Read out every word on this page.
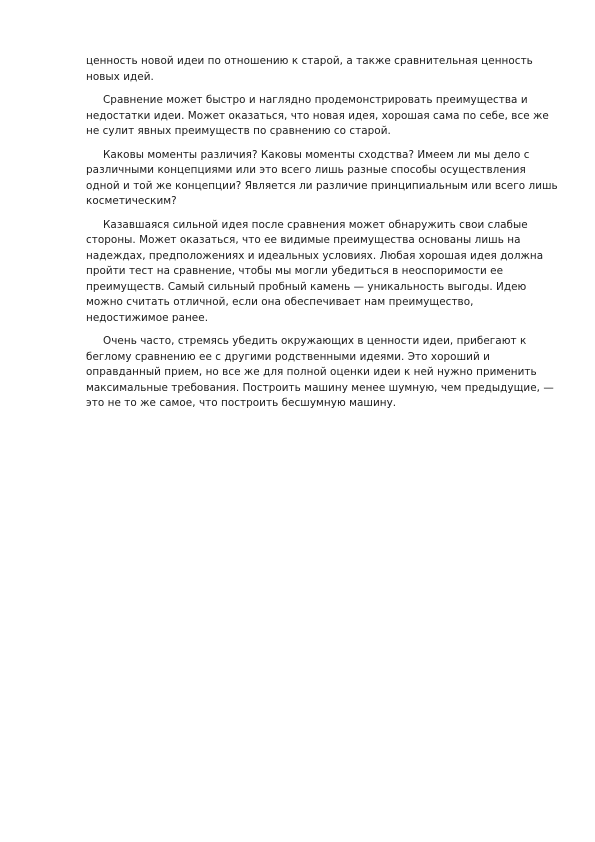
ценность новой идеи по отношению к старой, а также сравнительная ценность новых идей.

Сравнение может быстро и наглядно продемонстрировать преимущества и недостатки идеи. Может оказаться, что новая идея, хорошая сама по себе, все же не сулит явных преимуществ по сравнению со старой.

Каковы моменты различия? Каковы моменты сходства? Имеем ли мы дело с различными концепциями или это всего лишь разные способы осуществления одной и той же концепции? Является ли различие принципиальным или всего лишь косметическим?

Казавшаяся сильной идея после сравнения может обнаружить свои слабые стороны. Может оказаться, что ее видимые преимущества основаны лишь на надеждах, предположениях и идеальных условиях. Любая хорошая идея должна пройти тест на сравнение, чтобы мы могли убедиться в неоспоримости ее преимуществ. Самый сильный пробный камень — уникальность выгоды. Идею можно считать отличной, если она обеспечивает нам преимущество, недостижимое ранее.

Очень часто, стремясь убедить окружающих в ценности идеи, прибегают к беглому сравнению ее с другими родственными идеями. Это хороший и оправданный прием, но все же для полной оценки идеи к ней нужно применить максимальные требования. Построить машину менее шумную, чем предыдущие, — это не то же самое, что построить бесшумную машину.
